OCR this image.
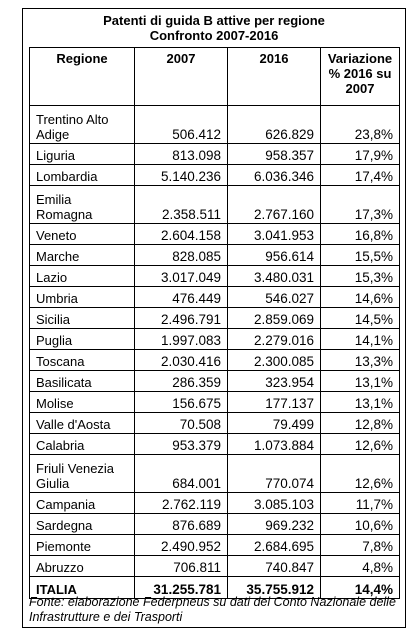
Patenti di guida B attive per regione
Confronto 2007-2016
Regione	2007	2016	Variazione % 2016 su 2007
Trentino Alto Adige	506.412	626.829	23,8%
Liguria	813.098	958.357	17,9%
Lombardia	5.140.236	6.036.346	17,4%
Emilia Romagna	2.358.511	2.767.160	17,3%
Veneto	2.604.158	3.041.953	16,8%
Marche	828.085	956.614	15,5%
Lazio	3.017.049	3.480.031	15,3%
Umbria	476.449	546.027	14,6%
Sicilia	2.496.791	2.859.069	14,5%
Puglia	1.997.083	2.279.016	14,1%
Toscana	2.030.416	2.300.085	13,3%
Basilicata	286.359	323.954	13,1%
Molise	156.675	177.137	13,1%
Valle d'Aosta	70.508	79.499	12,8%
Calabria	953.379	1.073.884	12,6%
Friuli Venezia Giulia	684.001	770.074	12,6%
Campania	2.762.119	3.085.103	11,7%
Sardegna	876.689	969.232	10,6%
Piemonte	2.490.952	2.684.695	7,8%
Abruzzo	706.811	740.847	4,8%
ITALIA	31.255.781	35.755.912	14,4%
Fonte: elaborazione Federpneus su dati del Conto Nazionale delle Infrastrutture e dei Trasporti
